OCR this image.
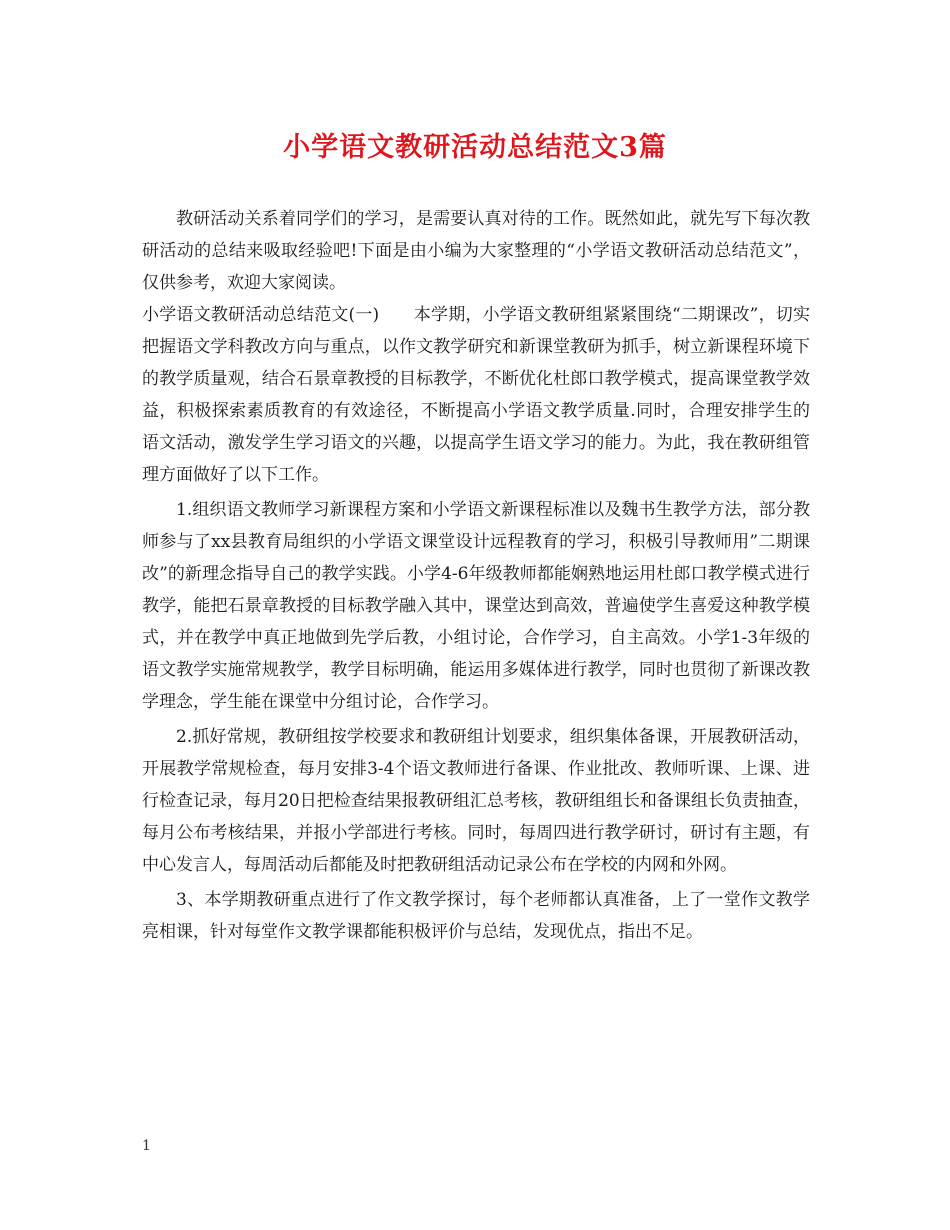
小学语文教研活动总结范文3篇

教研活动关系着同学们的学习，是需要认真对待的工作。既然如此，就先写下每次教研活动的总结来吸取经验吧!下面是由小编为大家整理的“小学语文教研活动总结范文”，仅供参考，欢迎大家阅读。

小学语文教研活动总结范文(一)　　本学期，小学语文教研组紧紧围绕“二期课改”，切实把握语文学科教改方向与重点，以作文教学研究和新课堂教研为抓手，树立新课程环境下的教学质量观，结合石景章教授的目标教学，不断优化杜郎口教学模式，提高课堂教学效益，积极探索素质教育的有效途径，不断提高小学语文教学质量.同时，合理安排学生的语文活动，激发学生学习语文的兴趣，以提高学生语文学习的能力。为此，我在教研组管理方面做好了以下工作。

1.组织语文教师学习新课程方案和小学语文新课程标准以及魏书生教学方法，部分教师参与了xx县教育局组织的小学语文课堂设计远程教育的学习，积极引导教师用”二期课改”的新理念指导自己的教学实践。小学4-6年级教师都能娴熟地运用杜郎口教学模式进行教学，能把石景章教授的目标教学融入其中，课堂达到高效，普遍使学生喜爱这种教学模式，并在教学中真正地做到先学后教，小组讨论，合作学习，自主高效。小学1-3年级的语文教学实施常规教学，教学目标明确，能运用多媒体进行教学，同时也贯彻了新课改教学理念，学生能在课堂中分组讨论，合作学习。

2.抓好常规，教研组按学校要求和教研组计划要求，组织集体备课，开展教研活动，开展教学常规检查，每月安排3-4个语文教师进行备课、作业批改、教师听课、上课、进行检查记录，每月20日把检查结果报教研组汇总考核，教研组组长和备课组长负责抽查，每月公布考核结果，并报小学部进行考核。同时，每周四进行教学研讨，研讨有主题，有中心发言人，每周活动后都能及时把教研组活动记录公布在学校的内网和外网。

3、本学期教研重点进行了作文教学探讨，每个老师都认真准备，上了一堂作文教学亮相课，针对每堂作文教学课都能积极评价与总结，发现优点，指出不足。

1
